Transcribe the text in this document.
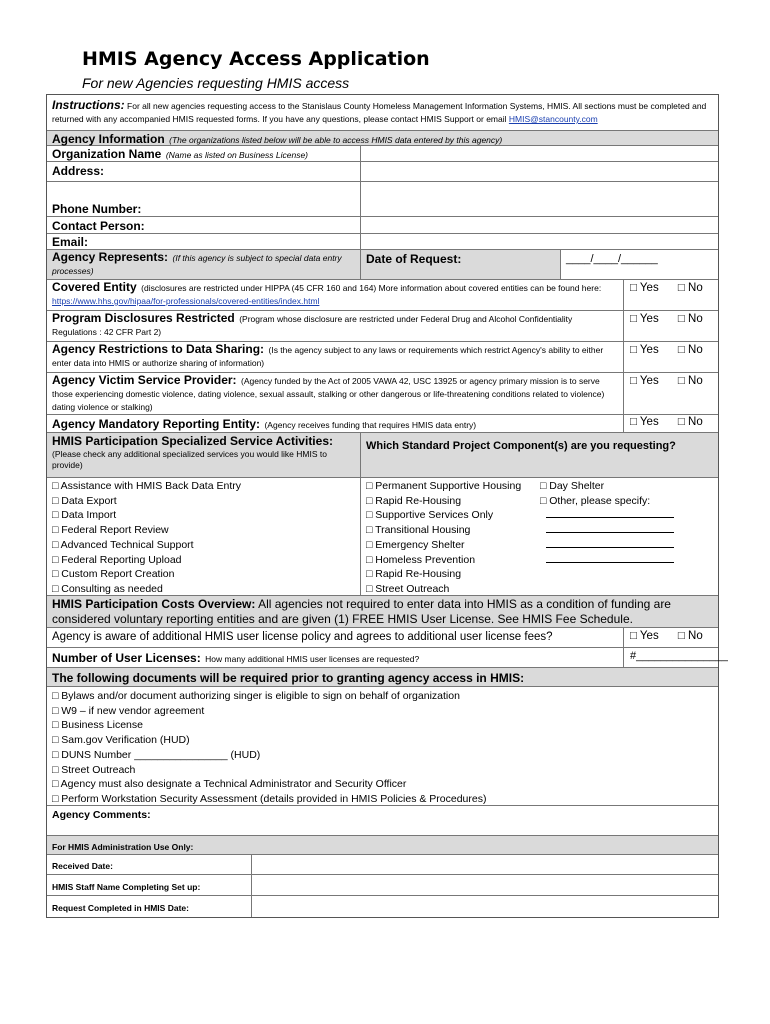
HMIS Agency Access Application
For new Agencies requesting HMIS access
Instructions: For all new agencies requesting access to the Stanislaus County Homeless Management Information Systems, HMIS. All sections must be completed and returned with any accompanied HMIS requested forms. If you have any questions, please contact HMIS Support or email HMIS@stancounty.com
Agency Information (The organizations listed below will be able to access HMIS data entered by this agency)
Organization Name (Name as listed on Business License)
Address:
Phone Number:
Contact Person:
Email:
Agency Represents: (If this agency is subject to special data entry processes)
Date of Request:	____/____/______
Covered Entity (disclosures are restricted under HIPPA (45 CFR 160 and 164) More information about covered entities can be found here: https://www.hhs.gov/hipaa/for-professionals/covered-entities/index.html
□ Yes □ No
Program Disclosures Restricted (Program whose disclosure are restricted under Federal Drug and Alcohol Confidentiality Regulations : 42 CFR Part 2)
□ Yes □ No
Agency Restrictions to Data Sharing: (Is the agency subject to any laws or requirements which restrict Agency's ability to either enter data into HMIS or authorize sharing of information)
□ Yes □ No
Agency Victim Service Provider: (Agency funded by the Act of 2005 VAWA 42, USC 13925 or agency primary mission is to serve those experiencing domestic violence, dating violence, sexual assault, stalking or other dangerous or life-threatening conditions related to violence) dating violence or stalking)
□ Yes □ No
Agency Mandatory Reporting Entity: (Agency receives funding that requires HMIS data entry)	□ Yes □ No
HMIS Participation Specialized Service Activities:
(Please check any additional specialized services you would like HMIS to provide)
Which Standard Project Component(s) are you requesting?
□ Assistance with HMIS Back Data Entry
□ Data Export
□ Data Import
□ Federal Report Review
□ Advanced Technical Support
□ Federal Reporting Upload
□ Custom Report Creation
□ Consulting as needed
□ Permanent Supportive Housing
□ Rapid Re-Housing
□ Supportive Services Only
□ Transitional Housing
□ Emergency Shelter
□ Homeless Prevention
□ Rapid Re-Housing
□ Street Outreach
□ Day Shelter
□ Other, please specify:
HMIS Participation Costs Overview: All agencies not required to enter data into HMIS as a condition of funding are considered voluntary reporting entities and are given (1) FREE HMIS User License. See HMIS Fee Schedule.
Agency is aware of additional HMIS user license policy and agrees to additional user license fees?	□ Yes □ No
Number of User Licenses: How many additional HMIS user licenses are requested?	#_______________
The following documents will be required prior to granting agency access in HMIS:
□ Bylaws and/or document authorizing singer is eligible to sign on behalf of organization
□ W9 – if new vendor agreement
□ Business License
□ Sam.gov Verification (HUD)
□ DUNS Number ________________ (HUD)
□ Street Outreach
□ Agency must also designate a Technical Administrator and Security Officer
□ Perform Workstation Security Assessment (details provided in HMIS Policies & Procedures)
Agency Comments:
For HMIS Administration Use Only:
Received Date:
HMIS Staff Name Completing Set up:
Request Completed in HMIS Date:
